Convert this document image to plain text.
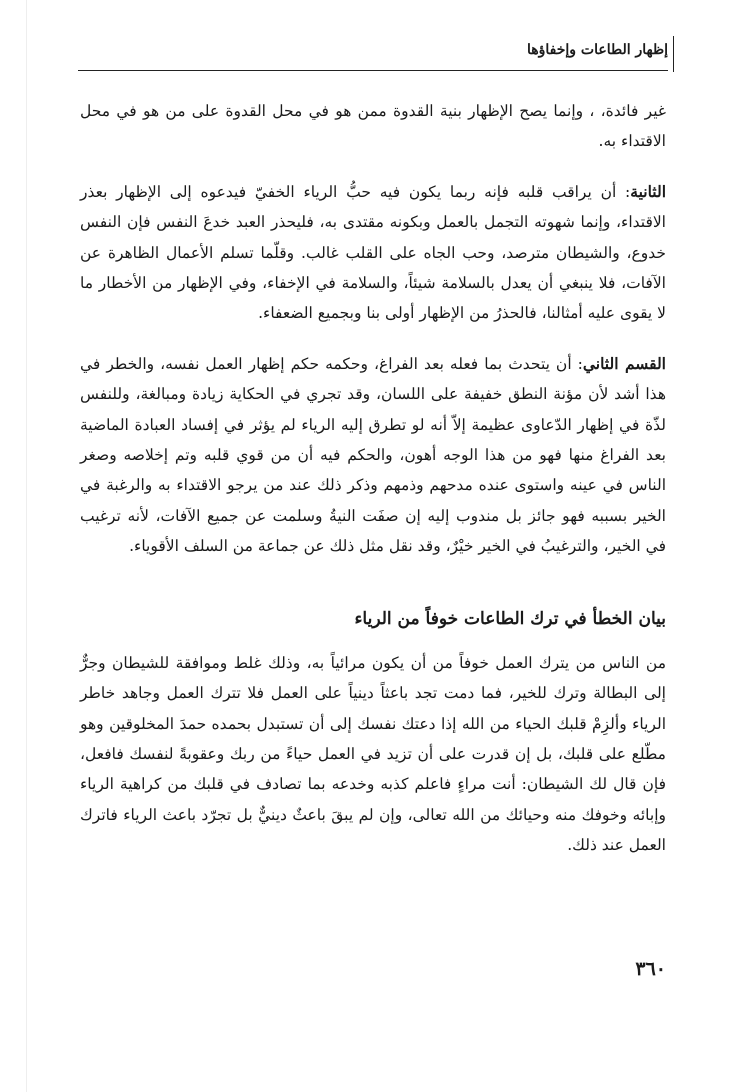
إظهار الطاعات وإخفاؤها

غير فائدة، ، وإنما يصح الإظهار بنية القدوة ممن هو في محل القدوة على من هو في محل الاقتداء به.

الثانية: أن يراقب قلبه فإنه ربما يكون فيه حبُّ الرياء الخفيّ فيدعوه إلى الإظهار بعذر الاقتداء، وإنما شهوته التجمل بالعمل وبكونه مقتدى به، فليحذر العبد خدعَ النفس فإن النفس خدوع، والشيطان مترصد، وحب الجاه على القلب غالب. وقلّما تسلم الأعمال الظاهرة عن الآفات، فلا ينبغي أن يعدل بالسلامة شيئاً، والسلامة في الإخفاء، وفي الإظهار من الأخطار ما لا يقوى عليه أمثالنا، فالحذرُ من الإظهار أولى بنا وبجميع الضعفاء.

القسم الثاني: أن يتحدث بما فعله بعد الفراغ، وحكمه حكم إظهار العمل نفسه، والخطر في هذا أشد لأن مؤنة النطق خفيفة على اللسان، وقد تجري في الحكاية زيادة ومبالغة، وللنفس لذّة في إظهار الدّعاوى عظيمة إلاّ أنه لو تطرق إليه الرياء لم يؤثر في إفساد العبادة الماضية بعد الفراغ منها فهو من هذا الوجه أهون، والحكم فيه أن من قوي قلبه وتم إخلاصه وصغر الناس في عينه واستوى عنده مدحهم وذمهم وذكر ذلك عند من يرجو الاقتداء به والرغبة في الخير بسببه فهو جائز بل مندوب إليه إن صفَت النيةُ وسلمت عن جميع الآفات، لأنه ترغيب في الخير، والترغيبُ في الخير خيْرٌ، وقد نقل مثل ذلك عن جماعة من السلف الأقوياء.

بيان الخطأ في ترك الطاعات خوفاً من الرياء

من الناس من يترك العمل خوفاً من أن يكون مرائياً به، وذلك غلط وموافقة للشيطان وجرٌّ إلى البطالة وترك للخير، فما دمت تجد باعثاً دينياً على العمل فلا تترك العمل وجاهد خاطر الرياء وألزِمْ قلبك الحياء من الله إذا دعتك نفسك إلى أن تستبدل بحمده حمدَ المخلوقين وهو مطّلع على قلبك، بل إن قدرت على أن تزيد في العمل حياءً من ربك وعقوبةً لنفسك فافعل، فإن قال لك الشيطان: أنت مراءٍ فاعلم كذبه وخدعه بما تصادف في قلبك من كراهية الرياء وإبائه وخوفك منه وحيائك من الله تعالى، وإن لم يبقَ باعثٌ دينيٌّ بل تجرّد باعث الرياء فاترك العمل عند ذلك.

٣٦٠
